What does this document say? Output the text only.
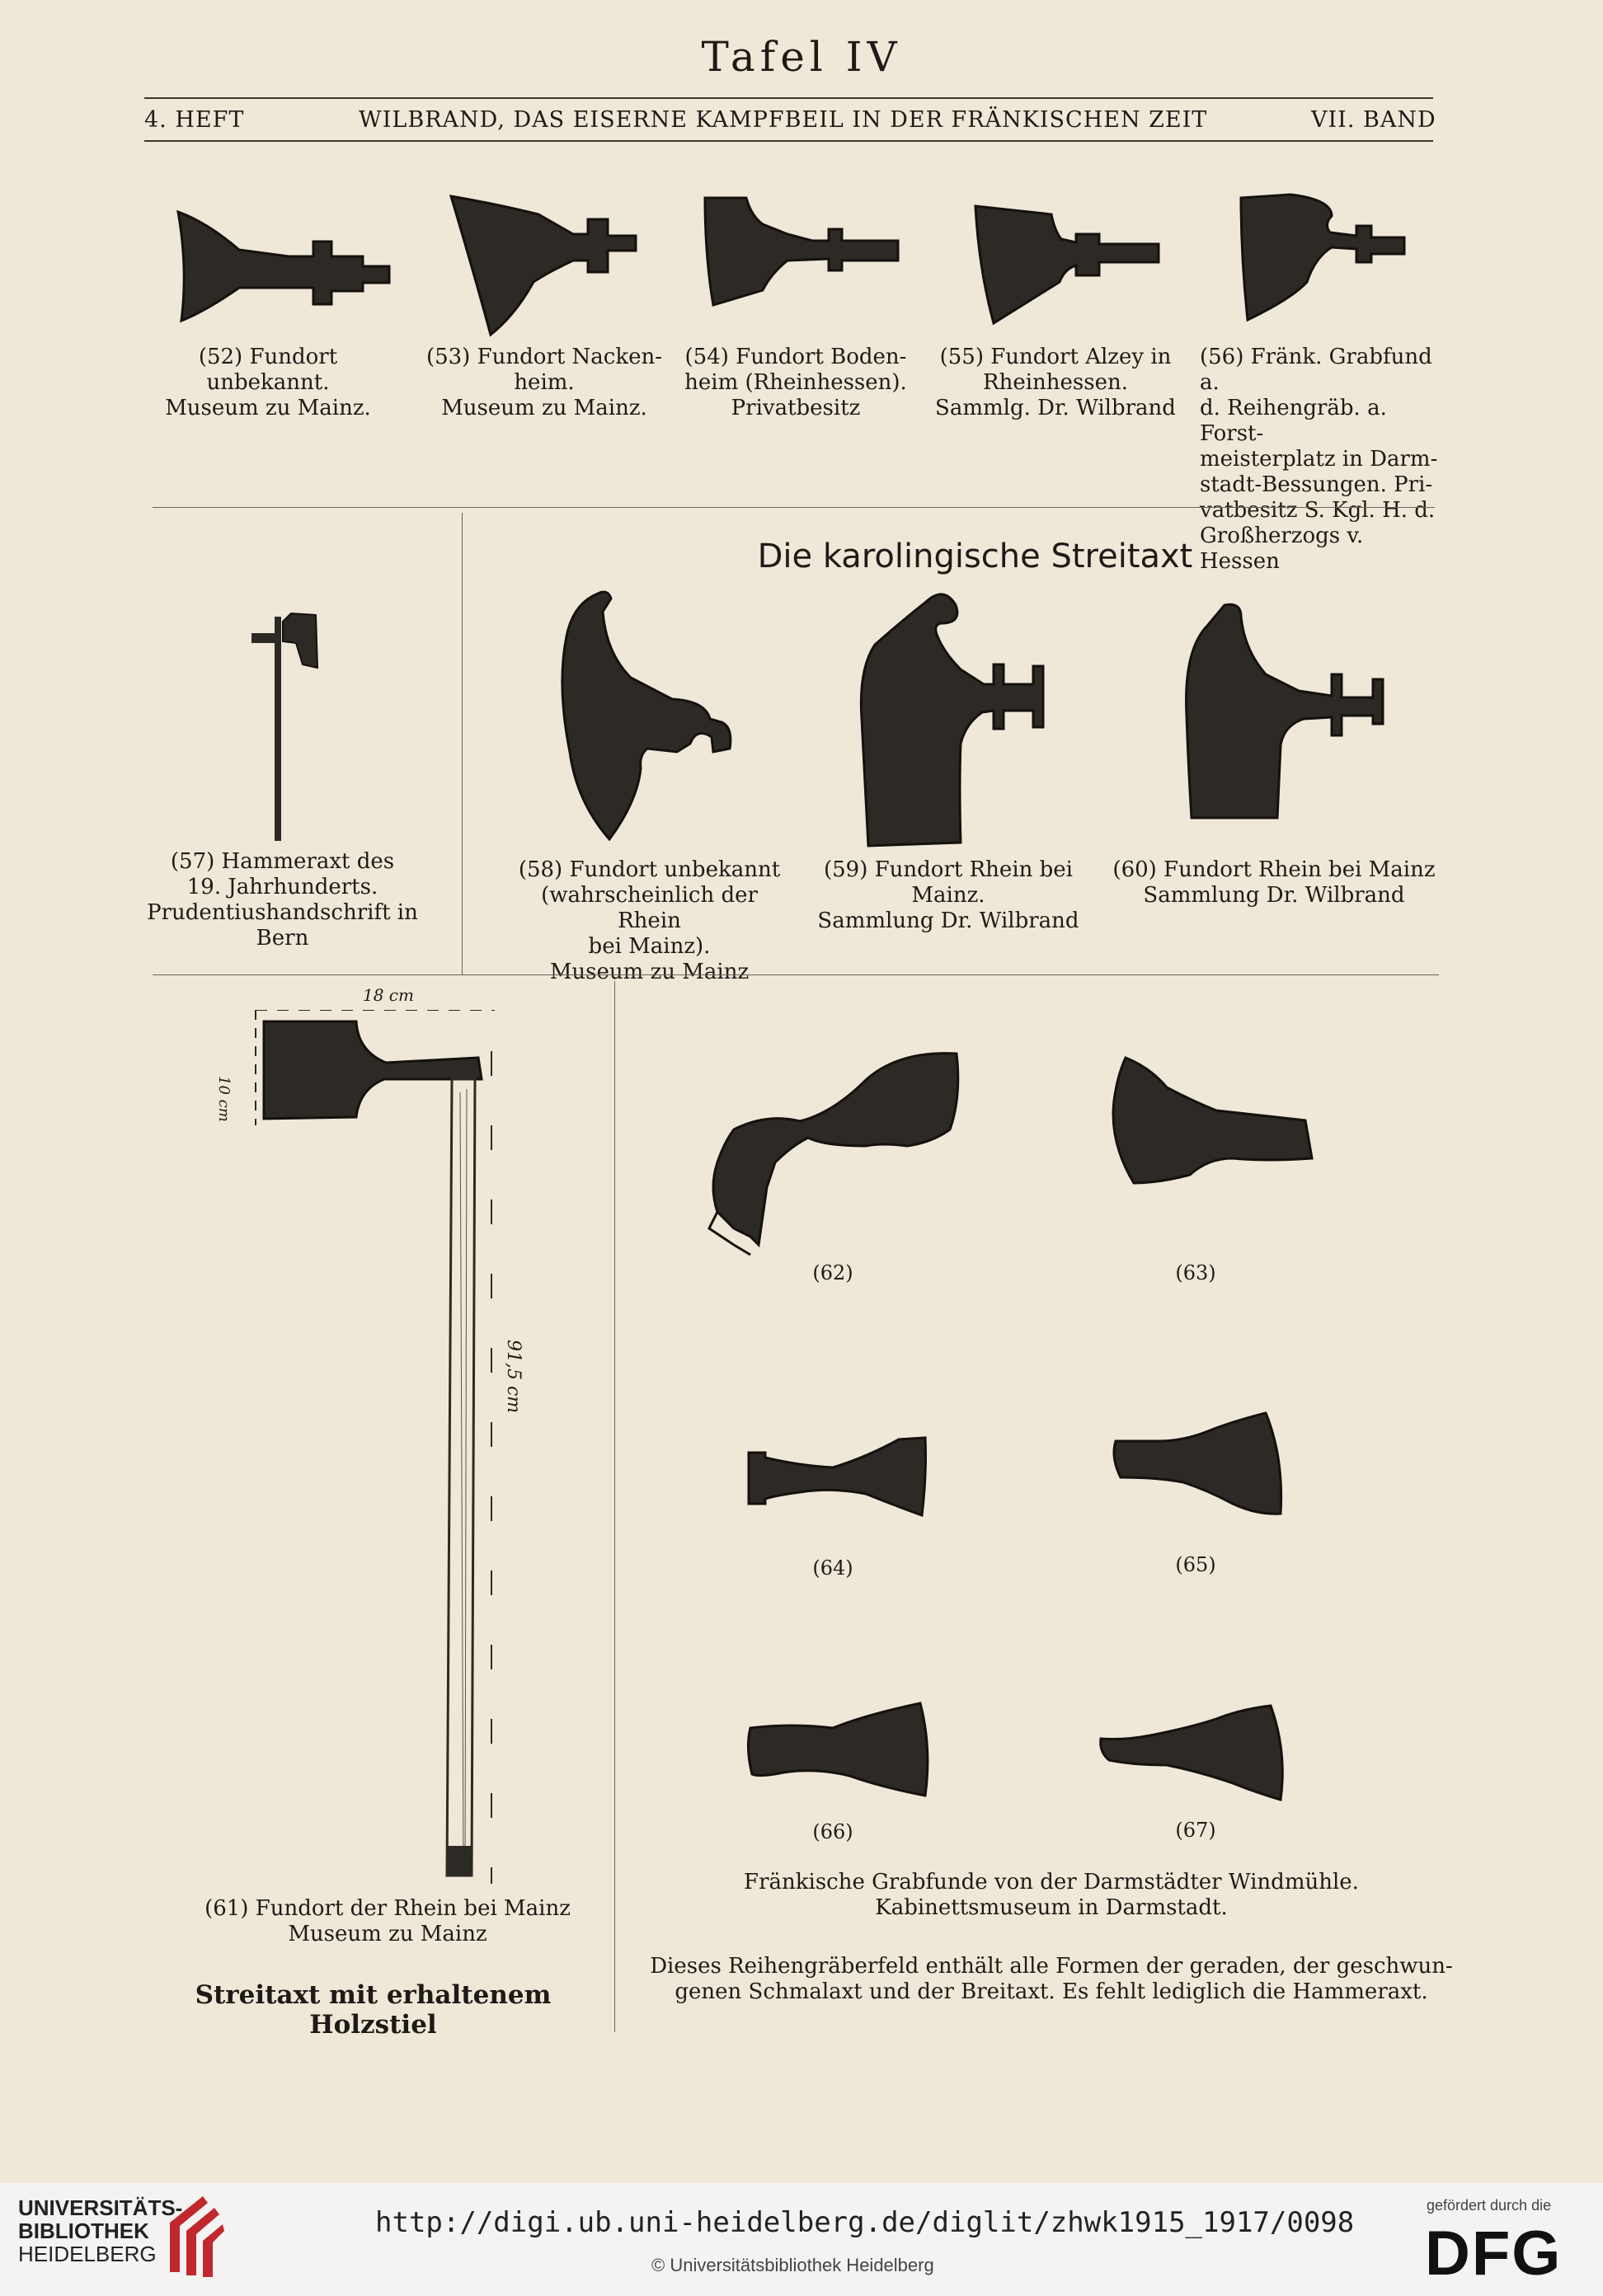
Tafel IV
4. HEFT	WILBRAND, DAS EISERNE KAMPFBEIL IN DER FRÄNKISCHEN ZEIT	VII. BAND
(52) Fundort unbekannt.
Museum zu Mainz.
(53) Fundort Nacken-
heim.
Museum zu Mainz.
(54) Fundort Boden-
heim (Rheinhessen).
Privatbesitz
(55) Fundort Alzey in
Rheinhessen.
Sammlg. Dr. Wilbrand
(56) Fränk. Grabfund a.
d. Reihengräb. a. Forst-
meisterplatz in Darm-
stadt-Bessungen. Pri-
vatbesitz S. Kgl. H. d.
Großherzogs v. Hessen
Die karolingische Streitaxt
(57) Hammeraxt des
19. Jahrhunderts.
Prudentiushandschrift in
Bern
(58) Fundort unbekannt
(wahrscheinlich der Rhein
bei Mainz).
Museum zu Mainz
(59) Fundort Rhein bei
Mainz.
Sammlung Dr. Wilbrand
(60) Fundort Rhein bei Mainz
Sammlung Dr. Wilbrand
18 cm
10 cm
91,5 cm
(61) Fundort der Rhein bei Mainz
Museum zu Mainz
Streitaxt mit erhaltenem Holzstiel
(62)	(63)
(64)	(65)
(66)	(67)
Fränkische Grabfunde von der Darmstädter Windmühle.
Kabinettsmuseum in Darmstadt.
Dieses Reihengräberfeld enthält alle Formen der geraden, der geschwun-
genen Schmalaxt und der Breitaxt. Es fehlt lediglich die Hammeraxt.
UNIVERSITÄTS-
BIBLIOTHEK
HEIDELBERG
http://digi.ub.uni-heidelberg.de/diglit/zhwk1915_1917/0098
© Universitätsbibliothek Heidelberg
gefördert durch die
DFG
